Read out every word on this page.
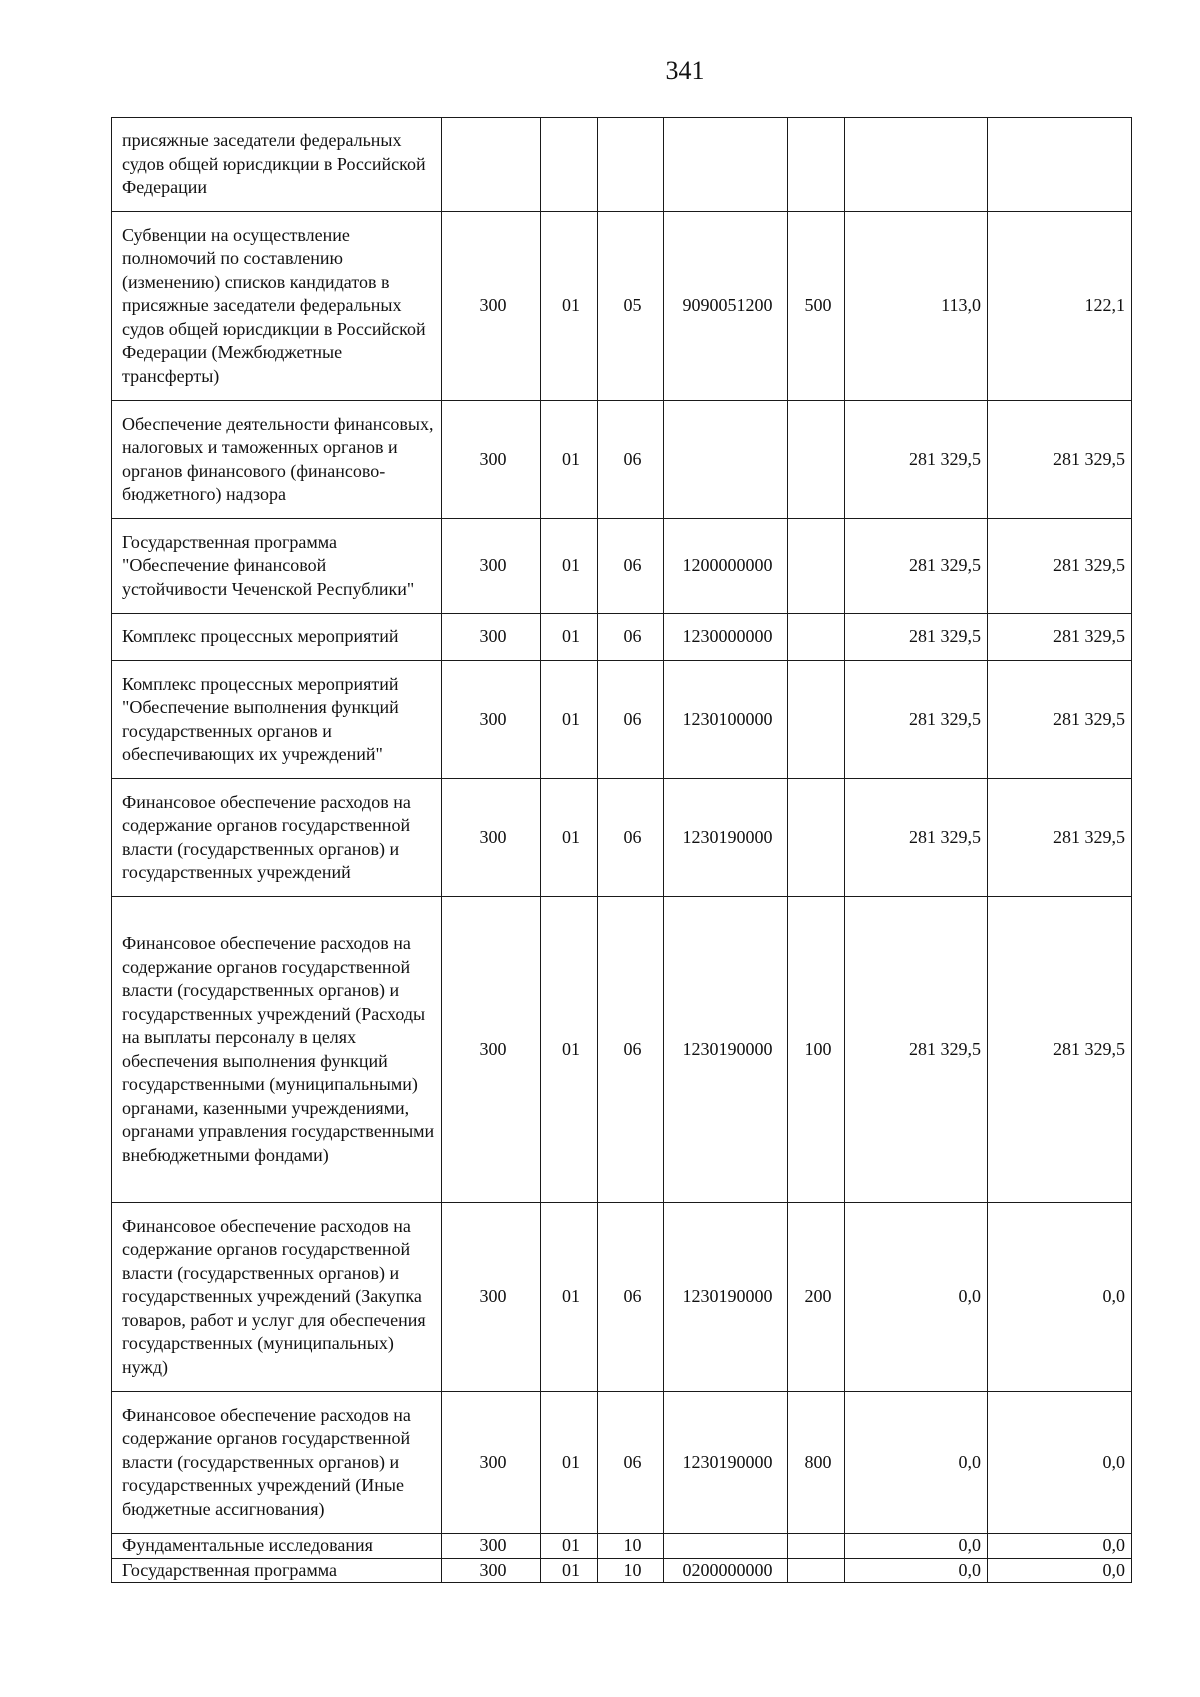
341
присяжные заседатели федеральных судов общей юрисдикции в Российской Федерации							

Субвенции на осуществление полномочий по составлению (изменению) списков кандидатов в присяжные заседатели федеральных судов общей юрисдикции в Российской Федерации (Межбюджетные трансферты)	300	01	05	9090051200	500	113,0	122,1

Обеспечение деятельности финансовых, налоговых и таможенных органов и органов финансового (финансово-бюджетного) надзора	300	01	06			281 329,5	281 329,5

Государственная программа "Обеспечение финансовой устойчивости Чеченской Республики"	300	01	06	1200000000		281 329,5	281 329,5

Комплекс процессных мероприятий	300	01	06	1230000000		281 329,5	281 329,5

Комплекс процессных мероприятий "Обеспечение выполнения функций государственных органов и обеспечивающих их учреждений"	300	01	06	1230100000		281 329,5	281 329,5

Финансовое обеспечение расходов на содержание органов государственной власти (государственных органов) и государственных учреждений	300	01	06	1230190000		281 329,5	281 329,5

Финансовое обеспечение расходов на содержание органов государственной власти (государственных органов) и государственных учреждений (Расходы на выплаты персоналу в целях обеспечения выполнения функций государственными (муниципальными) органами, казенными учреждениями, органами управления государственными внебюджетными фондами)	300	01	06	1230190000	100	281 329,5	281 329,5

Финансовое обеспечение расходов на содержание органов государственной власти (государственных органов) и государственных учреждений (Закупка товаров, работ и услуг для обеспечения государственных (муниципальных) нужд)	300	01	06	1230190000	200	0,0	0,0

Финансовое обеспечение расходов на содержание органов государственной власти (государственных органов) и государственных учреждений (Иные бюджетные ассигнования)	300	01	06	1230190000	800	0,0	0,0

Фундаментальные исследования	300	01	10			0,0	0,0

Государственная программа	300	01	10	0200000000		0,0	0,0
